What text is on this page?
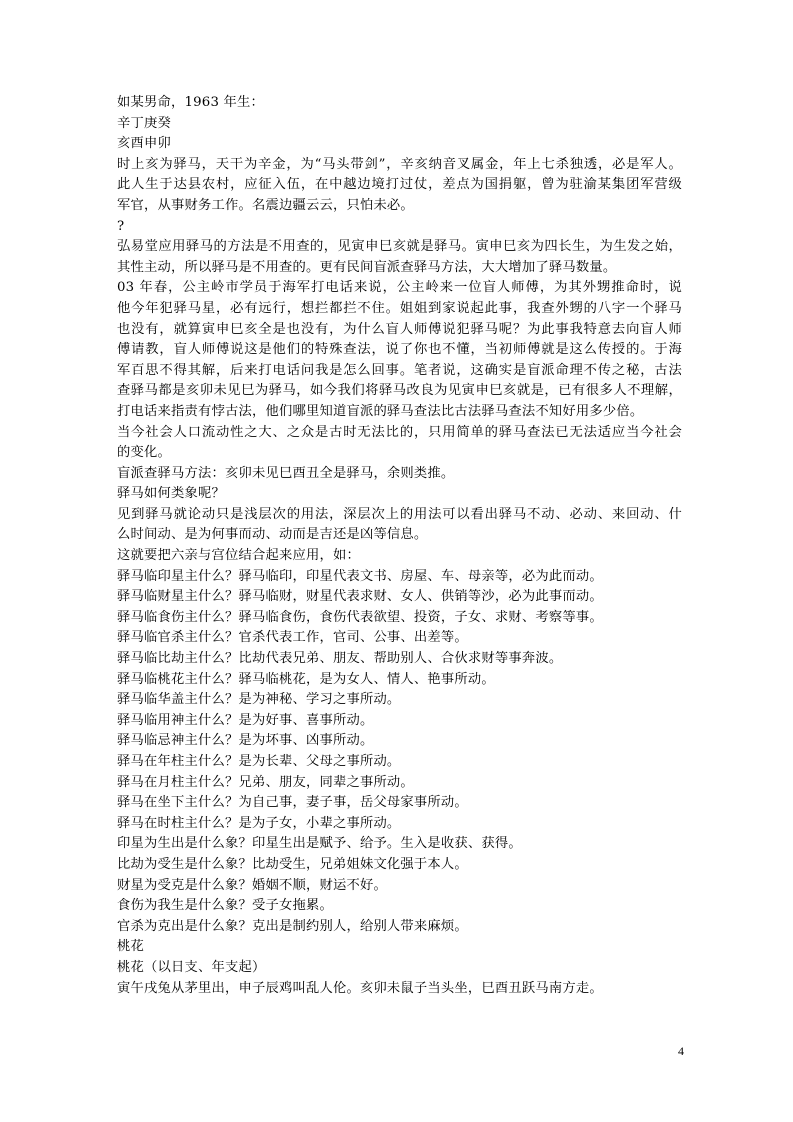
如某男命，1963 年生：
辛丁庚癸
亥酉申卯
时上亥为驿马，天干为辛金，为“马头带剑”，辛亥纳音叉属金，年上七杀独透，必是军人。
此人生于达县农村，应征入伍，在中越边境打过仗，差点为国捐躯，曾为驻渝某集团军营级
军官，从事财务工作。名震边疆云云，只怕未必。
?
弘易堂应用驿马的方法是不用查的，见寅申巳亥就是驿马。寅申巳亥为四长生，为生发之始，
其性主动，所以驿马是不用查的。更有民间盲派查驿马方法，大大增加了驿马数量。
03 年春，公主岭市学员于海军打电话来说，公主岭来一位盲人师傅，为其外甥推命时，说
他今年犯驿马星，必有远行，想拦都拦不住。姐姐到家说起此事，我查外甥的八字一个驿马
也没有，就算寅申巳亥全是也没有，为什么盲人师傅说犯驿马呢？为此事我特意去向盲人师
傅请教，盲人师傅说这是他们的特殊查法，说了你也不懂，当初师傅就是这么传授的。于海
军百思不得其解，后来打电话问我是怎么回事。笔者说，这确实是盲派命理不传之秘，古法
查驿马都是亥卯未见巳为驿马，如今我们将驿马改良为见寅申巳亥就是，已有很多人不理解，
打电话来指责有悖古法，他们哪里知道盲派的驿马查法比古法驿马查法不知好用多少倍。
当今社会人口流动性之大、之众是古时无法比的，只用简单的驿马查法已无法适应当今社会
的变化。
盲派查驿马方法：亥卯未见巳酉丑全是驿马，余则类推。
驿马如何类象呢？
见到驿马就论动只是浅层次的用法，深层次上的用法可以看出驿马不动、必动、来回动、什
么时间动、是为何事而动、动而是吉还是凶等信息。
这就要把六亲与宫位结合起来应用，如：
驿马临印星主什么？驿马临印，印星代表文书、房屋、车、母亲等，必为此而动。
驿马临财星主什么？驿马临财，财星代表求财、女人、供销等沙，必为此事而动。
驿马临食伤主什么？驿马临食伤，食伤代表欲望、投资，子女、求财、考察等事。
驿马临官杀主什么？官杀代表工作，官司、公事、出差等。
驿马临比劫主什么？比劫代表兄弟、朋友、帮助别人、合伙求财等事奔波。
驿马临桃花主什么？驿马临桃花，是为女人、情人、艳事所动。
驿马临华盖主什么？是为神秘、学习之事所动。
驿马临用神主什么？是为好事、喜事所动。
驿马临忌神主什么？是为坏事、凶事所动。
驿马在年柱主什么？是为长辈、父母之事所动。
驿马在月柱主什么？兄弟、朋友，同辈之事所动。
驿马在坐下主什么？为自己事，妻子事，岳父母家事所动。
驿马在时柱主什么？是为子女，小辈之事所动。
印星为生出是什么象？印星生出是赋予、给予。生入是收获、获得。
比劫为受生是什么象？比劫受生，兄弟姐妹文化强于本人。
财星为受克是什么象？婚姻不顺，财运不好。
食伤为我生是什么象？受子女拖累。
官杀为克出是什么象？克出是制约别人，给别人带来麻烦。
桃花
桃花（以日支、年支起）
寅午戌兔从茅里出，申子辰鸡叫乱人伦。亥卯未鼠子当头坐，巳酉丑跃马南方走。
4
